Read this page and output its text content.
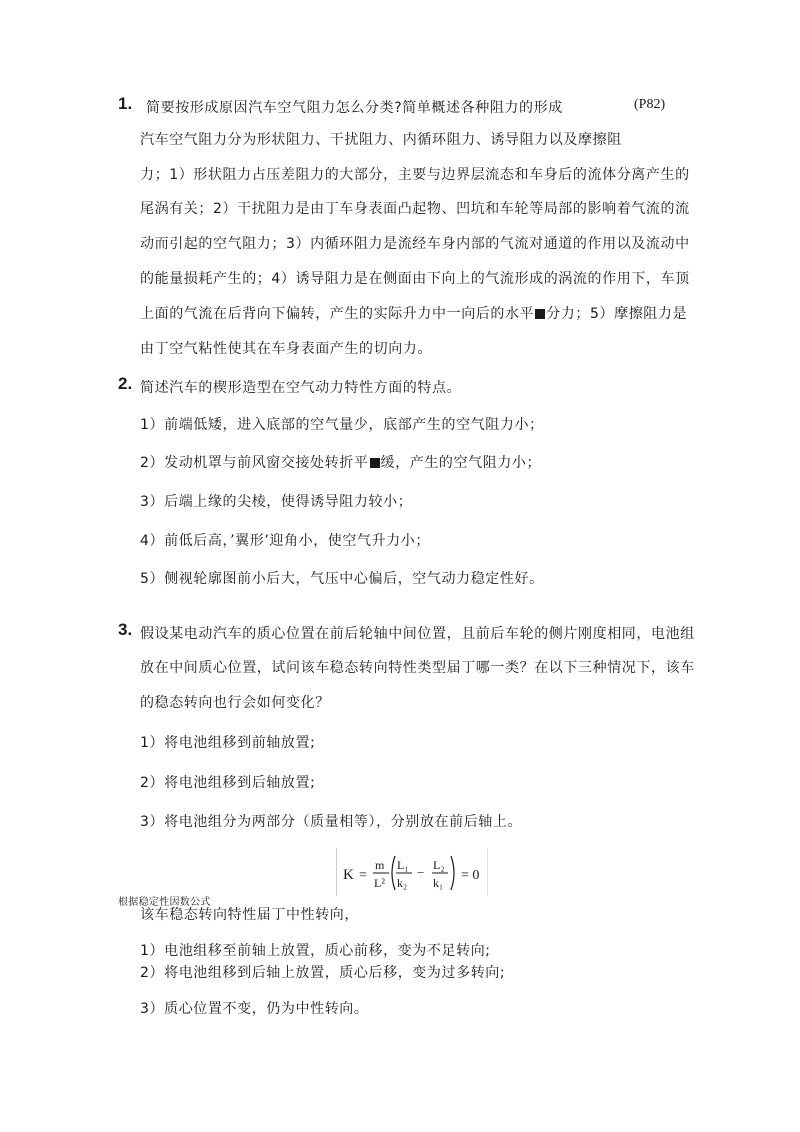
1. 简要按形成原因汽车空气阻力怎么分类?简单概述各种阻力的形成	(P82)
汽车空气阻力分为形状阻力、干扰阻力、内循环阻力、诱导阻力以及摩擦阻
力；1）形状阻力占压差阻力的大部分，主要与边界层流态和车身后的流体分离产生的
尾涡有关；2）干扰阻力是由丁车身表面凸起物、凹坑和车轮等局部的影响着气流的流
动而引起的空气阻力；3）内循环阻力是流经车身内部的气流对通道的作用以及流动中
的能量损耗产生的；4）诱导阻力是在侧面由下向上的气流形成的涡流的作用下，车顶
上面的气流在后背向下偏转，产生的实际升力中一向后的水平 分力；5）摩擦阻力是
由丁空气粘性使其在车身表面产生的切向力。
2. 简述汽车的楔形造型在空气动力特性方面的特点。
1）前端低矮，进入底部的空气量少，底部产生的空气阻力小；
2）发动机罩与前风窗交接处转折平 缓，产生的空气阻力小；
3）后端上缘的尖棱，使得诱导阻力较小；
4）前低后高，’翼形’迎角小，使空气升力小；
5）侧视轮廓图前小后大，气压中心偏后，空气动力稳定性好。
3. 假设某电动汽车的质心位置在前后轮轴中间位置，且前后车轮的侧片刚度相同，电池组
放在中间质心位置，试问该车稳态转向特性类型届丁哪一类？在以下三种情况下，该车
的稳态转向也行会如何变化？
1）将电池组移到前轴放置;
2）将电池组移到后轴放置;
3）将电池组分为两部分（质量相等），分别放在前后轴上。
K =
m
L²
L₁
k₂
− L₂
k₁ = 0
根据稳定性因数公式
该车稳态转向特性届丁中性转向，
1）电池组移至前轴上放置，质心前移，变为不足转向;
2）将电池组移到后轴上放置，质心后移，变为过多转向;
3）质心位置不变，仍为中性转向。
